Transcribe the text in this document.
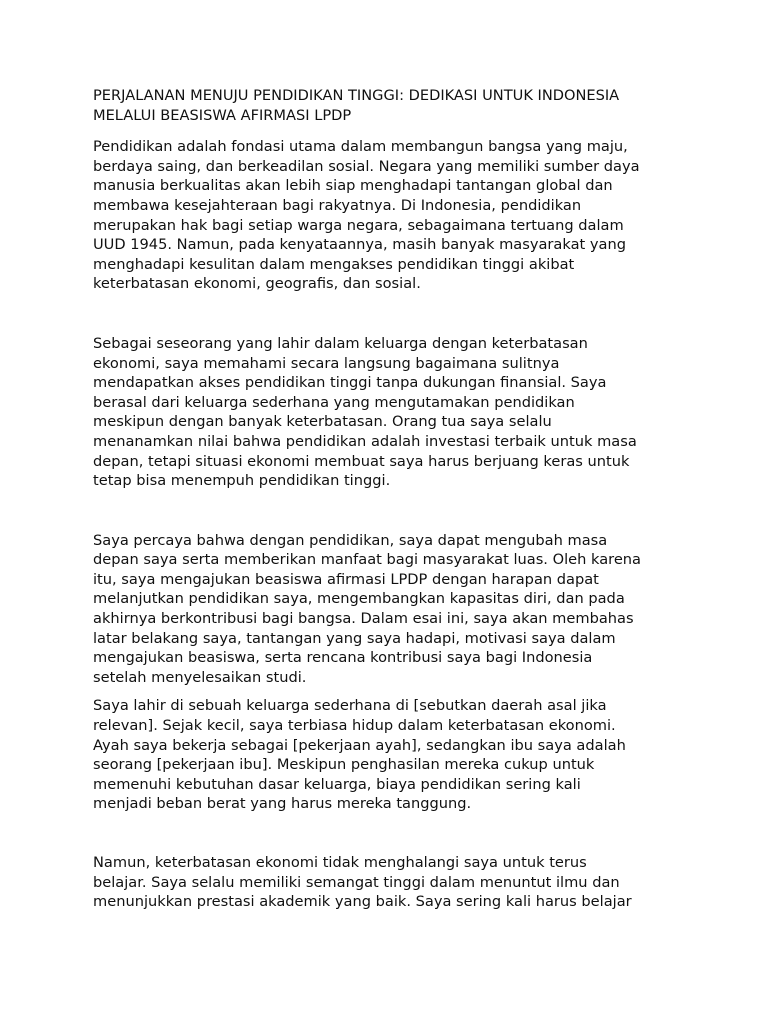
PERJALANAN MENUJU PENDIDIKAN TINGGI: DEDIKASI UNTUK INDONESIA
MELALUI BEASISWA AFIRMASI LPDP

Pendidikan adalah fondasi utama dalam membangun bangsa yang maju,
berdaya saing, dan berkeadilan sosial. Negara yang memiliki sumber daya
manusia berkualitas akan lebih siap menghadapi tantangan global dan
membawa kesejahteraan bagi rakyatnya. Di Indonesia, pendidikan
merupakan hak bagi setiap warga negara, sebagaimana tertuang dalam
UUD 1945. Namun, pada kenyataannya, masih banyak masyarakat yang
menghadapi kesulitan dalam mengakses pendidikan tinggi akibat
keterbatasan ekonomi, geografis, dan sosial.

Sebagai seseorang yang lahir dalam keluarga dengan keterbatasan
ekonomi, saya memahami secara langsung bagaimana sulitnya
mendapatkan akses pendidikan tinggi tanpa dukungan finansial. Saya
berasal dari keluarga sederhana yang mengutamakan pendidikan
meskipun dengan banyak keterbatasan. Orang tua saya selalu
menanamkan nilai bahwa pendidikan adalah investasi terbaik untuk masa
depan, tetapi situasi ekonomi membuat saya harus berjuang keras untuk
tetap bisa menempuh pendidikan tinggi.

Saya percaya bahwa dengan pendidikan, saya dapat mengubah masa
depan saya serta memberikan manfaat bagi masyarakat luas. Oleh karena
itu, saya mengajukan beasiswa afirmasi LPDP dengan harapan dapat
melanjutkan pendidikan saya, mengembangkan kapasitas diri, dan pada
akhirnya berkontribusi bagi bangsa. Dalam esai ini, saya akan membahas
latar belakang saya, tantangan yang saya hadapi, motivasi saya dalam
mengajukan beasiswa, serta rencana kontribusi saya bagi Indonesia
setelah menyelesaikan studi.

Saya lahir di sebuah keluarga sederhana di [sebutkan daerah asal jika
relevan]. Sejak kecil, saya terbiasa hidup dalam keterbatasan ekonomi.
Ayah saya bekerja sebagai [pekerjaan ayah], sedangkan ibu saya adalah
seorang [pekerjaan ibu]. Meskipun penghasilan mereka cukup untuk
memenuhi kebutuhan dasar keluarga, biaya pendidikan sering kali
menjadi beban berat yang harus mereka tanggung.

Namun, keterbatasan ekonomi tidak menghalangi saya untuk terus
belajar. Saya selalu memiliki semangat tinggi dalam menuntut ilmu dan
menunjukkan prestasi akademik yang baik. Saya sering kali harus belajar
